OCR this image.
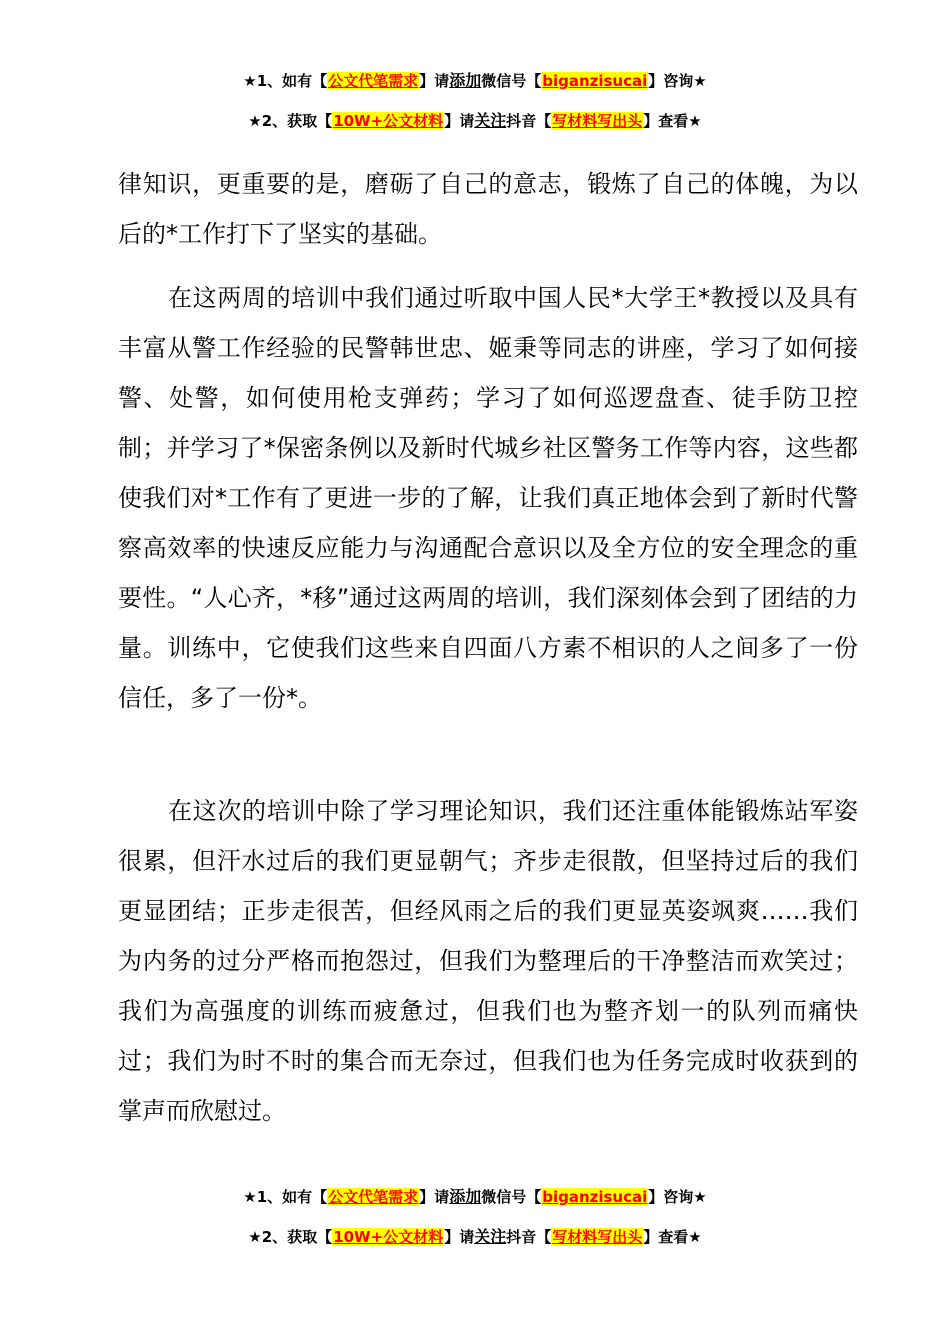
★1、如有【公文代笔需求】请添加微信号【biganzisucai】咨询★
★2、获取【10W+公文材料】请关注抖音【写材料写出头】查看★

律知识，更重要的是，磨砺了自己的意志，锻炼了自己的体魄，为以后的*工作打下了坚实的基础。

在这两周的培训中我们通过听取中国人民*大学王*教授以及具有丰富从警工作经验的民警韩世忠、姬秉等同志的讲座，学习了如何接警、处警，如何使用枪支弹药；学习了如何巡逻盘查、徒手防卫控制；并学习了*保密条例以及新时代城乡社区警务工作等内容，这些都使我们对*工作有了更进一步的了解，让我们真正地体会到了新时代警察高效率的快速反应能力与沟通配合意识以及全方位的安全理念的重要性。“人心齐，*移”通过这两周的培训，我们深刻体会到了团结的力量。训练中，它使我们这些来自四面八方素不相识的人之间多了一份信任，多了一份*。

在这次的培训中除了学习理论知识，我们还注重体能锻炼站军姿很累，但汗水过后的我们更显朝气；齐步走很散，但坚持过后的我们更显团结；正步走很苦，但经风雨之后的我们更显英姿飒爽……我们为内务的过分严格而抱怨过，但我们为整理后的干净整洁而欢笑过；我们为高强度的训练而疲惫过，但我们也为整齐划一的队列而痛快过；我们为时不时的集合而无奈过，但我们也为任务完成时收获到的掌声而欣慰过。

★1、如有【公文代笔需求】请添加微信号【biganzisucai】咨询★
★2、获取【10W+公文材料】请关注抖音【写材料写出头】查看★
